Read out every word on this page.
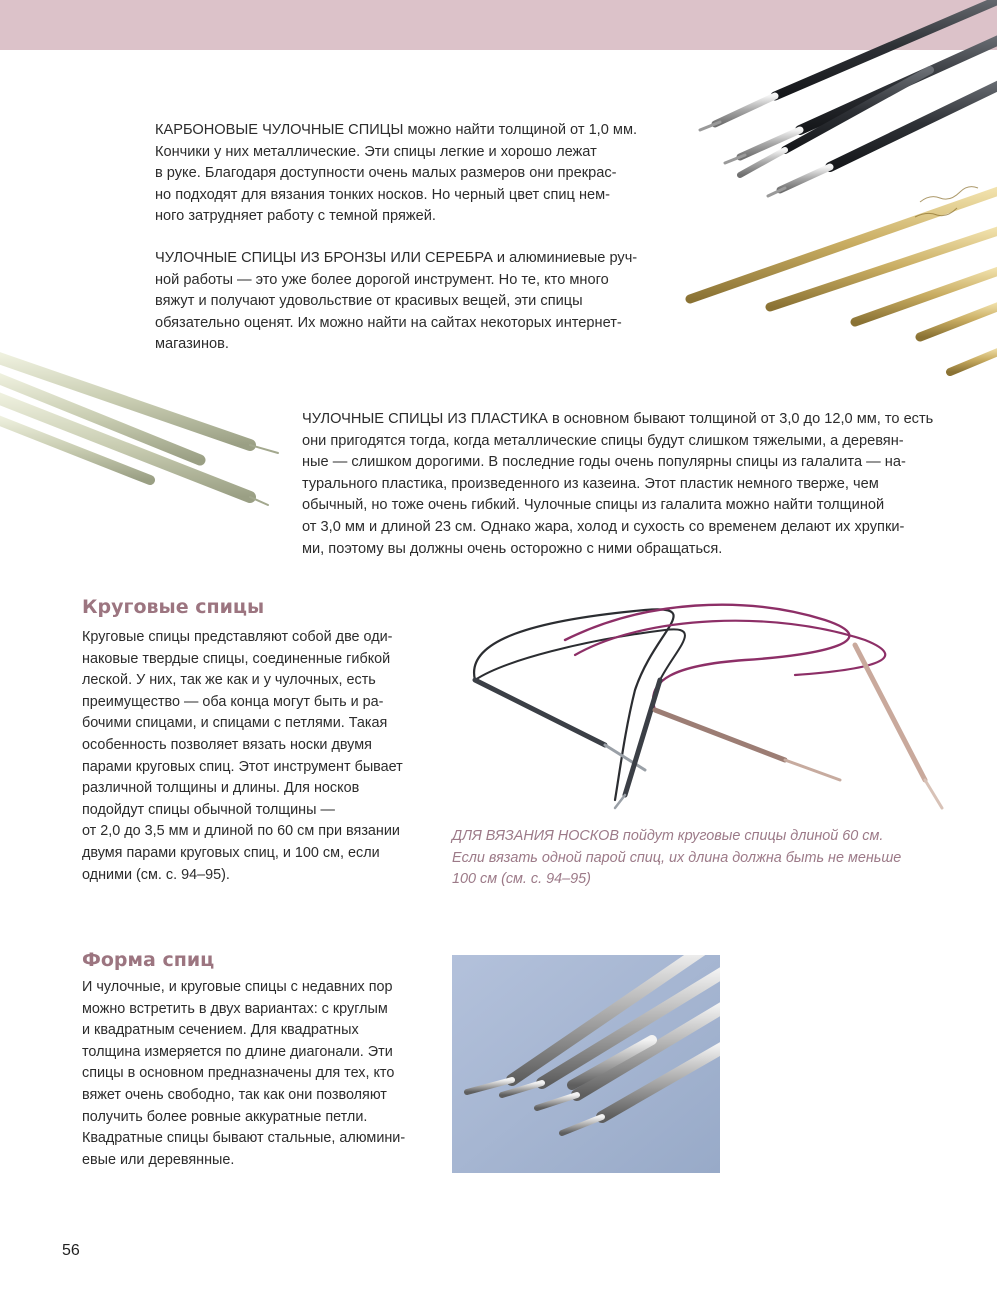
КАРБОНОВЫЕ ЧУЛОЧНЫЕ СПИЦЫ можно найти толщиной от 1,0 мм.
Кончики у них металлические. Эти спицы легкие и хорошо лежат
в руке. Благодаря доступности очень малых размеров они прекрас-
но подходят для вязания тонких носков. Но черный цвет спиц нем-
ного затрудняет работу с темной пряжей.
ЧУЛОЧНЫЕ СПИЦЫ ИЗ БРОНЗЫ ИЛИ СЕРЕБРА и алюминиевые руч-
ной работы — это уже более дорогой инструмент. Но те, кто много
вяжут и получают удовольствие от красивых вещей, эти спицы
обязательно оценят. Их можно найти на сайтах некоторых интернет-
магазинов.
ЧУЛОЧНЫЕ СПИЦЫ ИЗ ПЛАСТИКА в основном бывают толщиной от 3,0 до 12,0 мм, то есть
они пригодятся тогда, когда металлические спицы будут слишком тяжелыми, а деревян-
ные — слишком дорогими. В последние годы очень популярны спицы из галалита — на-
турального пластика, произведенного из казеина. Этот пластик немного тверже, чем
обычный, но тоже очень гибкий. Чулочные спицы из галалита можно найти толщиной
от 3,0 мм и длиной 23 см. Однако жара, холод и сухость со временем делают их хрупки-
ми, поэтому вы должны очень осторожно с ними обращаться.
Круговые спицы
Круговые спицы представляют собой две оди-
наковые твердые спицы, соединенные гибкой
леской. У них, так же как и у чулочных, есть
преимущество — оба конца могут быть и ра-
бочими спицами, и спицами с петлями. Такая
особенность позволяет вязать носки двумя
парами круговых спиц. Этот инструмент бывает
различной толщины и длины. Для носков
подойдут спицы обычной толщины —
от 2,0 до 3,5 мм и длиной по 60 см при вязании
двумя парами круговых спиц, и 100 см, если
одними (см. с. 94–95).
ДЛЯ ВЯЗАНИЯ НОСКОВ пойдут круговые спицы длиной 60 см.
Если вязать одной парой спиц, их длина должна быть не меньше
100 см (см. с. 94–95)
Форма спиц
И чулочные, и круговые спицы с недавних пор
можно встретить в двух вариантах: с круглым
и квадратным сечением. Для квадратных
толщина измеряется по длине диагонали. Эти
спицы в основном предназначены для тех, кто
вяжет очень свободно, так как они позволяют
получить более ровные аккуратные петли.
Квадратные спицы бывают стальные, алюмини-
евые или деревянные.
56
